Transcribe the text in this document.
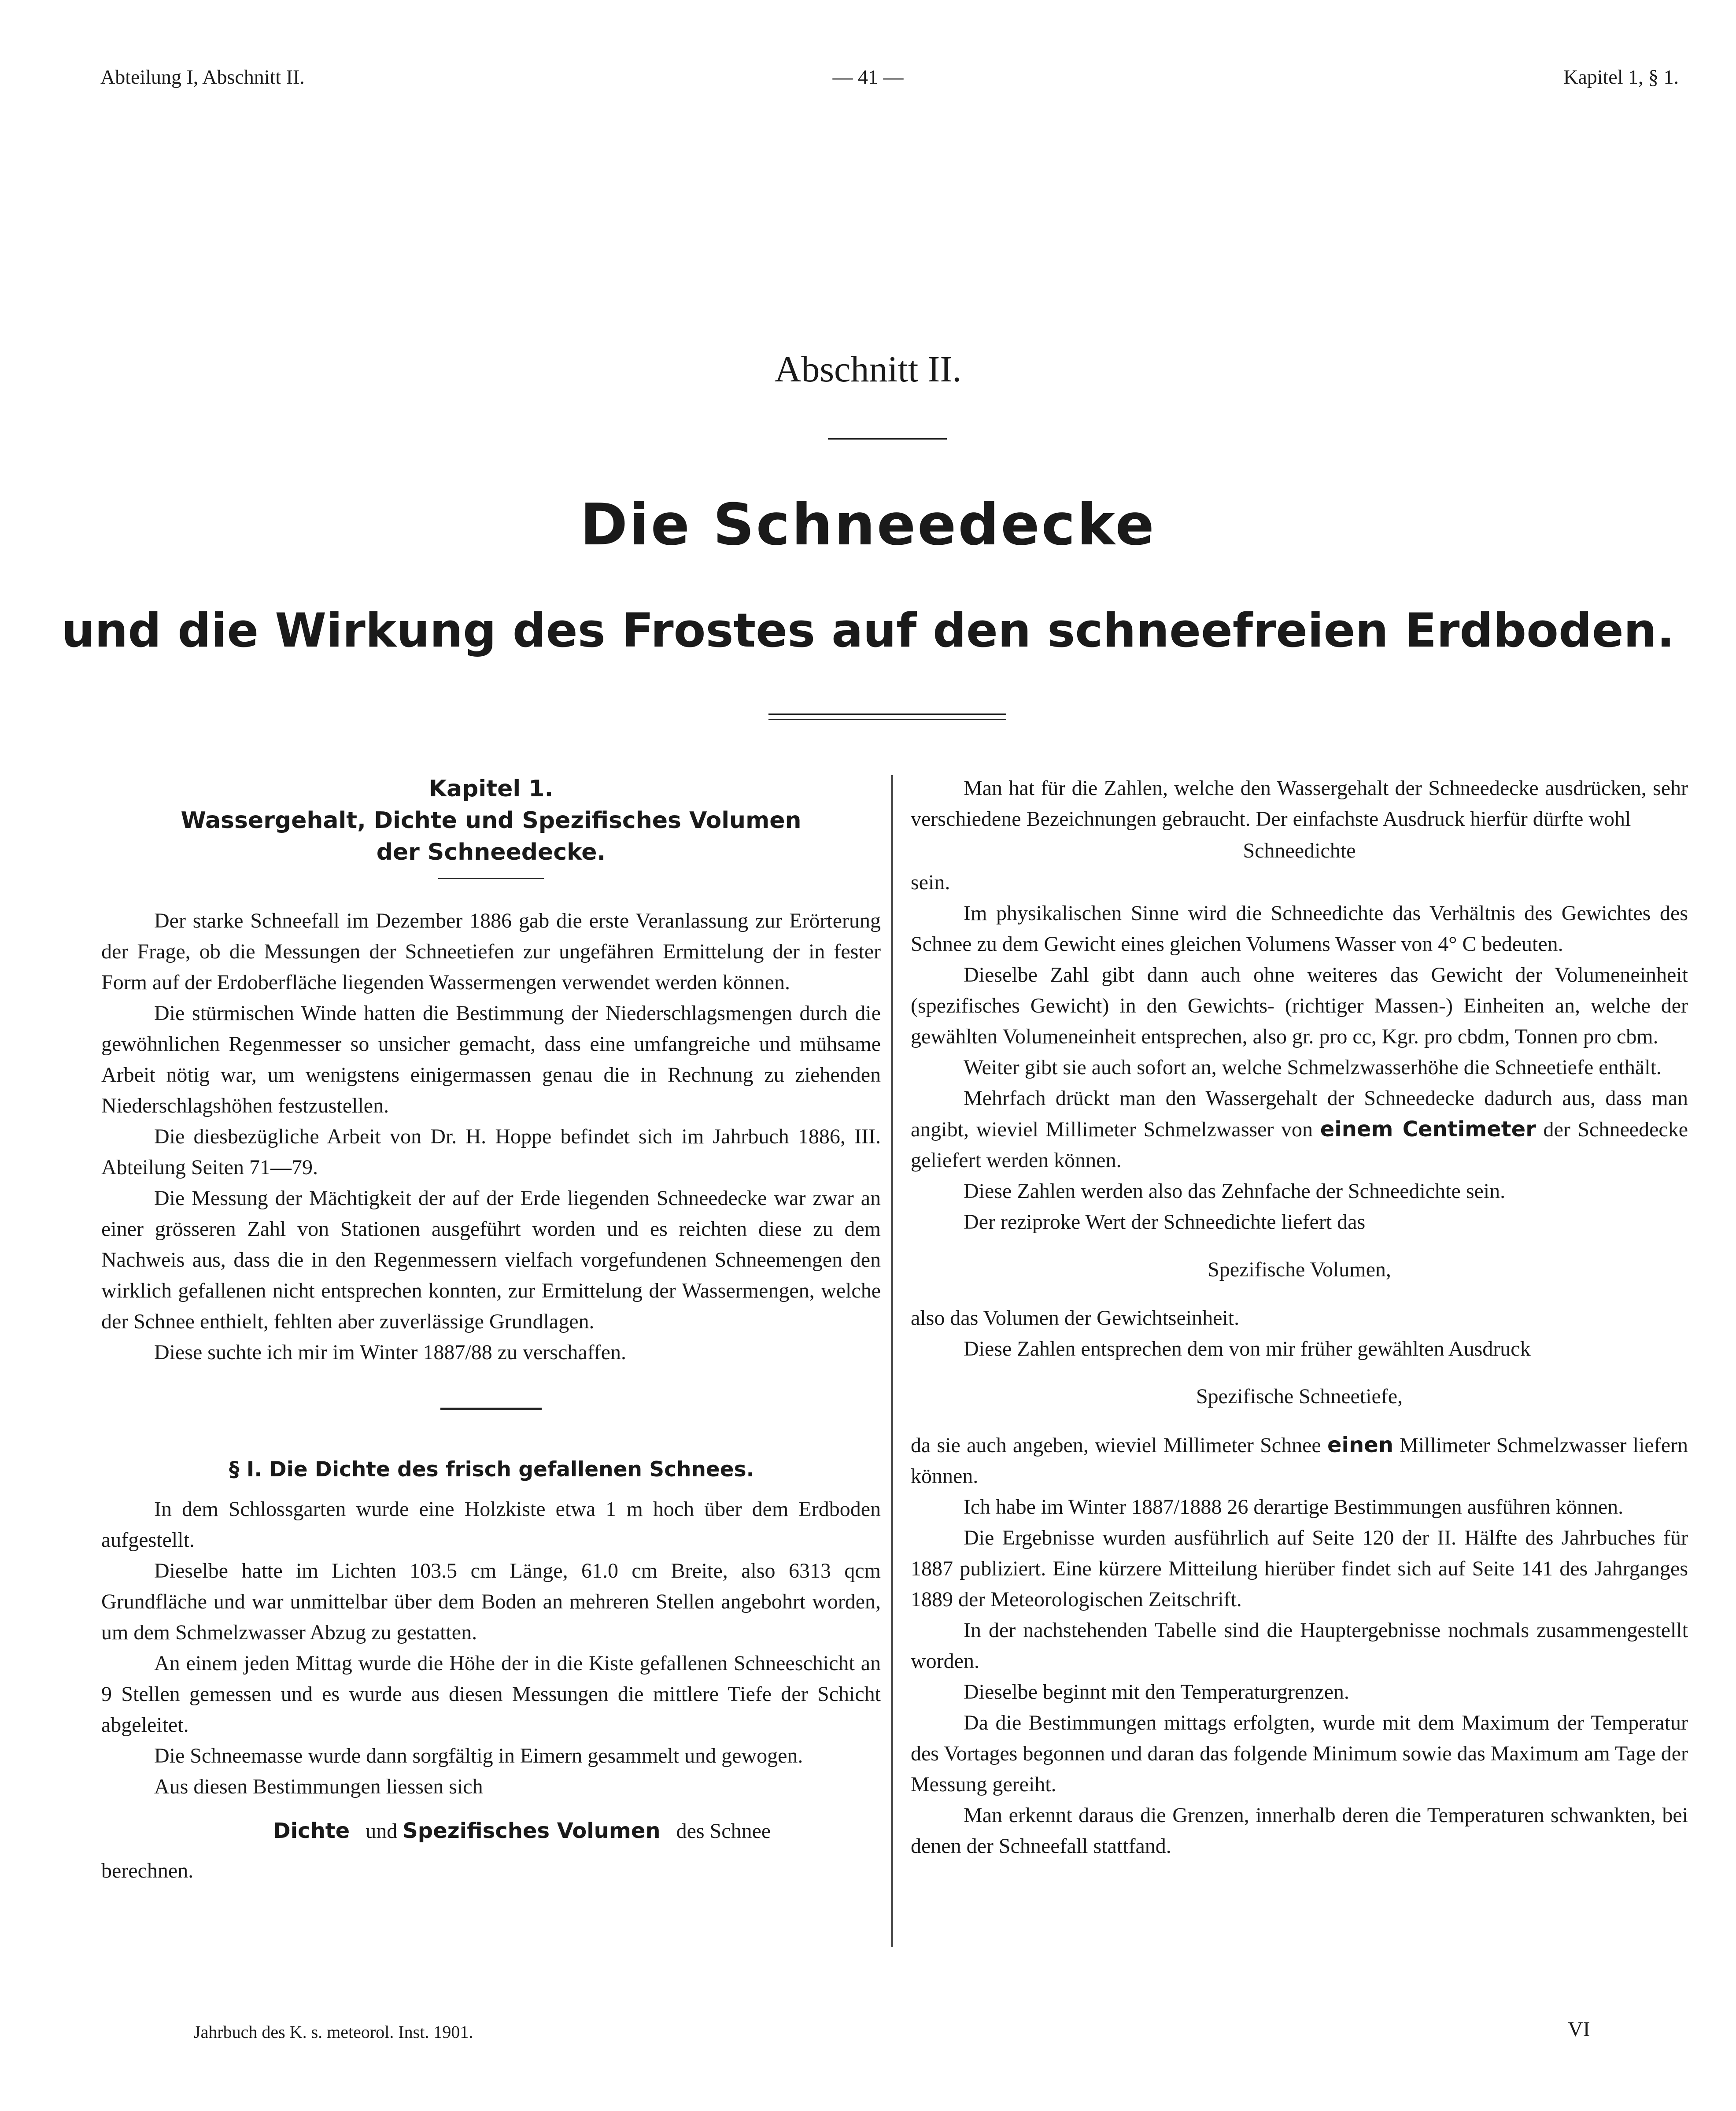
Abteilung I, Abschnitt II.	— 41 —	Kapitel 1, § 1.
Abschnitt II.
Die Schneedecke
und die Wirkung des Frostes auf den schneefreien Erdboden.
Kapitel 1.
Wassergehalt, Dichte und Spezifisches Volumen
der Schneedecke.

Der starke Schneefall im Dezember 1886 gab die erste Veranlassung zur Erörterung der Frage, ob die Messungen der Schneetiefen zur ungefähren Ermittelung der in fester Form auf der Erdoberfläche liegenden Wassermengen verwendet werden können.

Die stürmischen Winde hatten die Bestimmung der Niederschlagsmengen durch die gewöhnlichen Regenmesser so unsicher gemacht, dass eine umfangreiche und mühsame Arbeit nötig war, um wenigstens einigermassen genau die in Rechnung zu ziehenden Niederschlagshöhen festzustellen.

Die diesbezügliche Arbeit von Dr. H. Hoppe befindet sich im Jahrbuch 1886, III. Abteilung Seiten 71—79.

Die Messung der Mächtigkeit der auf der Erde liegenden Schneedecke war zwar an einer grösseren Zahl von Stationen ausgeführt worden und es reichten diese zu dem Nachweis aus, dass die in den Regenmessern vielfach vorgefundenen Schneemengen den wirklich gefallenen nicht entsprechen konnten, zur Ermittelung der Wassermengen, welche der Schnee enthielt, fehlten aber zuverlässige Grundlagen.

Diese suchte ich mir im Winter 1887/88 zu verschaffen.

§ I. Die Dichte des frisch gefallenen Schnees.

In dem Schlossgarten wurde eine Holzkiste etwa 1 m hoch über dem Erdboden aufgestellt.

Dieselbe hatte im Lichten 103.5 cm Länge, 61.0 cm Breite, also 6313 qcm Grundfläche und war unmittelbar über dem Boden an mehreren Stellen angebohrt worden, um dem Schmelzwasser Abzug zu gestatten.

An einem jeden Mittag wurde die Höhe der in die Kiste gefallenen Schneeschicht an 9 Stellen gemessen und es wurde aus diesen Messungen die mittlere Tiefe der Schicht abgeleitet.

Die Schneemasse wurde dann sorgfältig in Eimern gesammelt und gewogen.

Aus diesen Bestimmungen liessen sich

Dichte und Spezifisches Volumen des Schnee

berechnen.

Man hat für die Zahlen, welche den Wassergehalt der Schneedecke ausdrücken, sehr verschiedene Bezeichnungen gebraucht. Der einfachste Ausdruck hierfür dürfte wohl

Schneedichte

sein.

Im physikalischen Sinne wird die Schneedichte das Verhältnis des Gewichtes des Schnee zu dem Gewicht eines gleichen Volumens Wasser von 4° C bedeuten.

Dieselbe Zahl gibt dann auch ohne weiteres das Gewicht der Volumeneinheit (spezifisches Gewicht) in den Gewichts- (richtiger Massen-) Einheiten an, welche der gewählten Volumeneinheit entsprechen, also gr. pro cc, Kgr. pro cbdm, Tonnen pro cbm.

Weiter gibt sie auch sofort an, welche Schmelzwasserhöhe die Schneetiefe enthält.

Mehrfach drückt man den Wassergehalt der Schneedecke dadurch aus, dass man angibt, wieviel Millimeter Schmelzwasser von einem Centimeter der Schneedecke geliefert werden können.

Diese Zahlen werden also das Zehnfache der Schneedichte sein.

Der reziproke Wert der Schneedichte liefert das

Spezifische Volumen,

also das Volumen der Gewichtseinheit.

Diese Zahlen entsprechen dem von mir früher gewählten Ausdruck

Spezifische Schneetiefe,

da sie auch angeben, wieviel Millimeter Schnee einen Millimeter Schmelzwasser liefern können.

Ich habe im Winter 1887/1888 26 derartige Bestimmungen ausführen können.

Die Ergebnisse wurden ausführlich auf Seite 120 der II. Hälfte des Jahrbuches für 1887 publiziert. Eine kürzere Mitteilung hierüber findet sich auf Seite 141 des Jahrganges 1889 der Meteorologischen Zeitschrift.

In der nachstehenden Tabelle sind die Hauptergebnisse nochmals zusammengestellt worden.

Dieselbe beginnt mit den Temperaturgrenzen.

Da die Bestimmungen mittags erfolgten, wurde mit dem Maximum der Temperatur des Vortages begonnen und daran das folgende Minimum sowie das Maximum am Tage der Messung gereiht.

Man erkennt daraus die Grenzen, innerhalb deren die Temperaturen schwankten, bei denen der Schneefall stattfand.

Jahrbuch des K. s. meteorol. Inst. 1901.	VI
